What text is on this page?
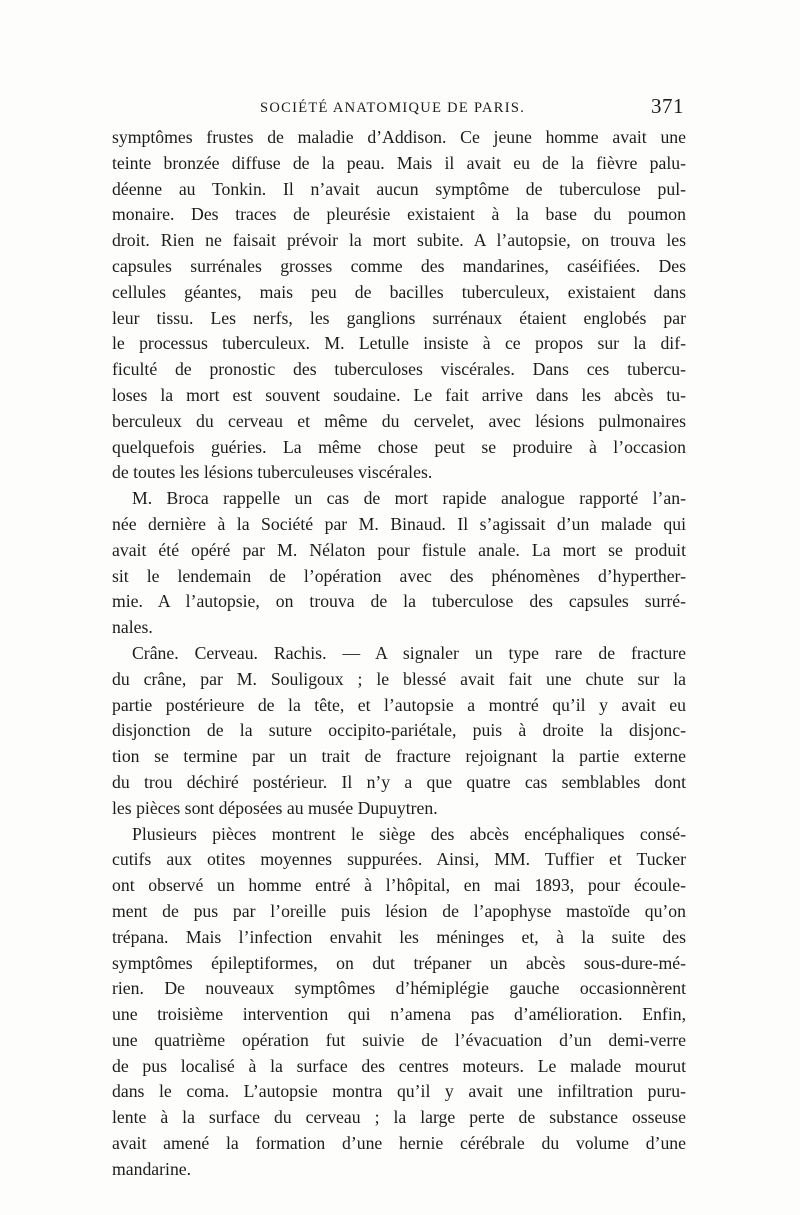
SOCIÉTÉ ANATOMIQUE DE PARIS.	371
symptômes frustes de maladie d’Addison. Ce jeune homme avait une
teinte bronzée diffuse de la peau. Mais il avait eu de la fièvre palu-
déenne au Tonkin. Il n’avait aucun symptôme de tuberculose pul-
monaire. Des traces de pleurésie existaient à la base du poumon
droit. Rien ne faisait prévoir la mort subite. A l’autopsie, on trouva les
capsules surrénales grosses comme des mandarines, caséifiées. Des
cellules géantes, mais peu de bacilles tuberculeux, existaient dans
leur tissu. Les nerfs, les ganglions surrénaux étaient englobés par
le processus tuberculeux. M. Letulle insiste à ce propos sur la dif-
ficulté de pronostic des tuberculoses viscérales. Dans ces tubercu-
loses la mort est souvent soudaine. Le fait arrive dans les abcès tu-
berculeux du cerveau et même du cervelet, avec lésions pulmonaires
quelquefois guéries. La même chose peut se produire à l’occasion
de toutes les lésions tuberculeuses viscérales.
M. Broca rappelle un cas de mort rapide analogue rapporté l’an-
née dernière à la Société par M. Binaud. Il s’agissait d’un malade qui
avait été opéré par M. Nélaton pour fistule anale. La mort se produit
sit le lendemain de l’opération avec des phénomènes d’hyperther-
mie. A l’autopsie, on trouva de la tuberculose des capsules surré-
nales.
Crâne. Cerveau. Rachis. — A signaler un type rare de fracture
du crâne, par M. Souligoux ; le blessé avait fait une chute sur la
partie postérieure de la tête, et l’autopsie a montré qu’il y avait eu
disjonction de la suture occipito-pariétale, puis à droite la disjonc-
tion se termine par un trait de fracture rejoignant la partie externe
du trou déchiré postérieur. Il n’y a que quatre cas semblables dont
les pièces sont déposées au musée Dupuytren.
Plusieurs pièces montrent le siège des abcès encéphaliques consé-
cutifs aux otites moyennes suppurées. Ainsi, MM. Tuffier et Tucker
ont observé un homme entré à l’hôpital, en mai 1893, pour écoule-
ment de pus par l’oreille puis lésion de l’apophyse mastoïde qu’on
trépana. Mais l’infection envahit les méninges et, à la suite des
symptômes épileptiformes, on dut trépaner un abcès sous-dure-mé-
rien. De nouveaux symptômes d’hémiplégie gauche occasionnèrent
une troisième intervention qui n’amena pas d’amélioration. Enfin,
une quatrième opération fut suivie de l’évacuation d’un demi-verre
de pus localisé à la surface des centres moteurs. Le malade mourut
dans le coma. L’autopsie montra qu’il y avait une infiltration puru-
lente à la surface du cerveau ; la large perte de substance osseuse
avait amené la formation d’une hernie cérébrale du volume d’une
mandarine.
